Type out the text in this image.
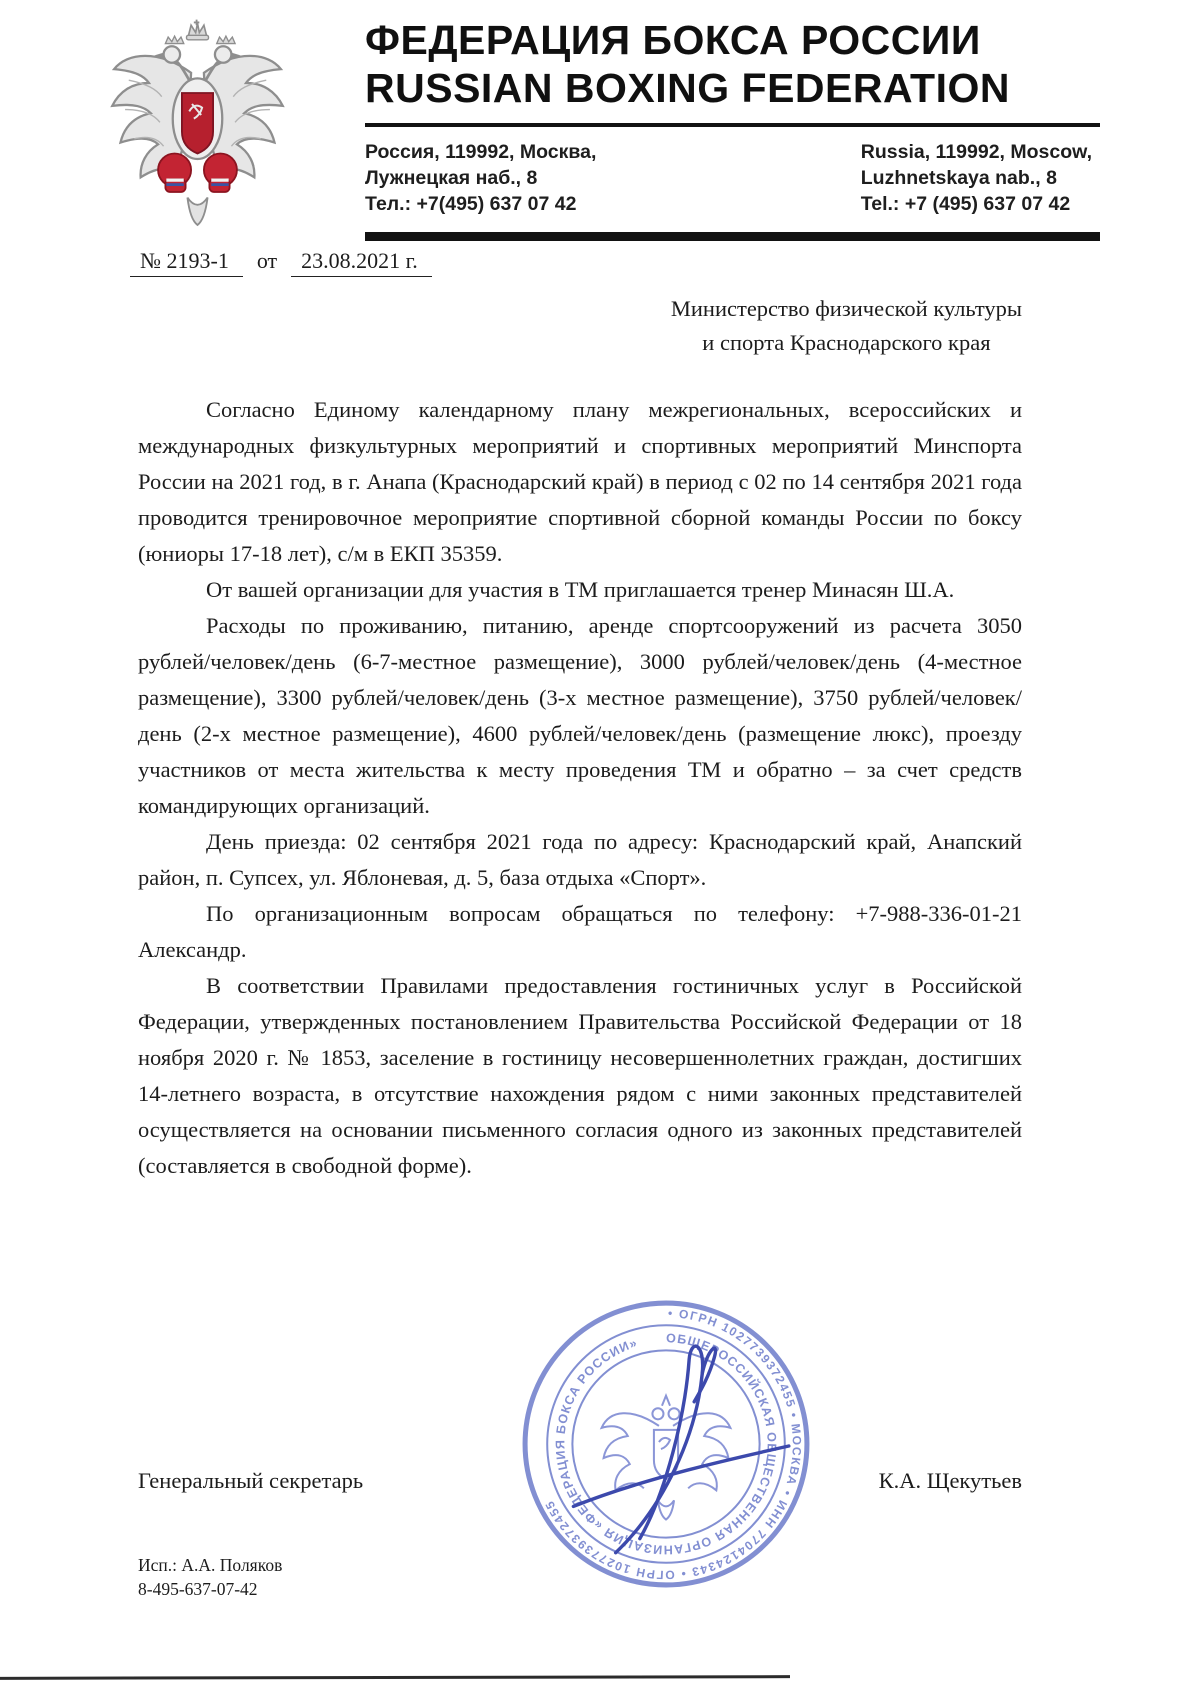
ФЕДЕРАЦИЯ БОКСА РОССИИ
RUSSIAN BOXING FEDERATION
Россия, 119992, Москва,
Лужнецкая наб., 8
Тел.: +7(495) 637 07 42
Russia, 119992, Moscow,
Luzhnetskaya nab., 8
Tel.: +7 (495) 637 07 42
№ 2193-1	от	23.08.2021 г.
Министерство физической культуры
и спорта Краснодарского края

Согласно Единому календарному плану межрегиональных, всероссийских и международных физкультурных мероприятий и спортивных мероприятий Минспорта России на 2021 год, в г. Анапа (Краснодарский край) в период с 02 по 14 сентября 2021 года проводится тренировочное мероприятие спортивной сборной команды России по боксу (юниоры 17-18 лет), с/м в ЕКП 35359.

От вашей организации для участия в ТМ приглашается тренер Минасян Ш.А.

Расходы по проживанию, питанию, аренде спортсооружений из расчета 3050 рублей/человек/день (6-7-местное размещение), 3000 рублей/человек/день (4-местное размещение), 3300 рублей/человек/день (3-х местное размещение), 3750 рублей/человек/день (2-х местное размещение), 4600 рублей/человек/день (размещение люкс), проезду участников от места жительства к месту проведения ТМ и обратно – за счет средств командирующих организаций.

День приезда: 02 сентября 2021 года по адресу: Краснодарский край, Анапский район, п. Супсех, ул. Яблоневая, д. 5, база отдыха «Спорт».

По организационным вопросам обращаться по телефону: +7-988-336-01-21 Александр.

В соответствии Правилами предоставления гостиничных услуг в Российской Федерации, утвержденных постановлением Правительства Российской Федерации от 18 ноября 2020 г. № 1853, заселение в гостиницу несовершеннолетних граждан, достигших 14-летнего возраста, в отсутствие нахождения рядом с ними законных представителей осуществляется на основании письменного согласия одного из законных представителей (составляется в свободной форме).

Генеральный секретарь	К.А. Щекутьев
• ОГРН 1027739372455 • МОСКВА • ИНН 7704124343 • ОГРН 1027739372455
ОБЩЕРОССИЙСКАЯ ОБЩЕСТВЕННАЯ ОРГАНИЗАЦИЯ «ФЕДЕРАЦИЯ БОКСА РОССИИ»
Исп.: А.А. Поляков
8-495-637-07-42
